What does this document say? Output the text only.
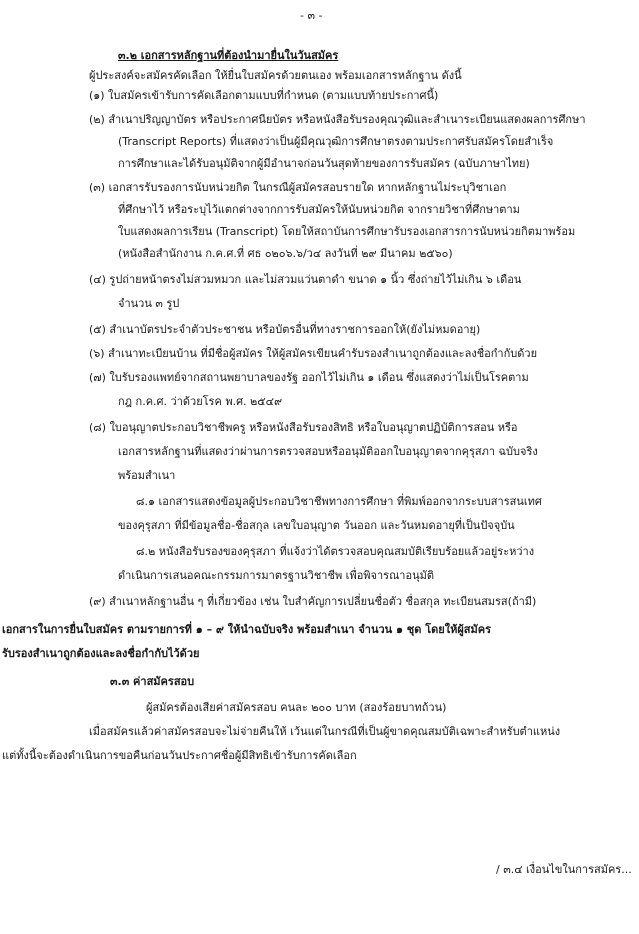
- ๓ -
๓.๒ เอกสารหลักฐานที่ต้องนำมายื่นในวันสมัคร
ผู้ประสงค์จะสมัครคัดเลือก ให้ยื่นใบสมัครด้วยตนเอง พร้อมเอกสารหลักฐาน ดังนี้
(๑) ใบสมัครเข้ารับการคัดเลือกตามแบบที่กำหนด (ตามแบบท้ายประกาศนี้)
(๒) สำเนาปริญญาบัตร หรือประกาศนียบัตร หรือหนังสือรับรองคุณวุฒิและสำเนาระเบียนแสดงผลการศึกษา
(Transcript Reports) ที่แสดงว่าเป็นผู้มีคุณวุฒิการศึกษาตรงตามประกาศรับสมัครโดยสำเร็จ
การศึกษาและได้รับอนุมัติจากผู้มีอำนาจก่อนวันสุดท้ายของการรับสมัคร (ฉบับภาษาไทย)
(๓) เอกสารรับรองการนับหน่วยกิต ในกรณีผู้สมัครสอบรายใด หากหลักฐานไม่ระบุวิชาเอก
ที่ศึกษาไว้ หรือระบุไว้แตกต่างจากการรับสมัครให้นับหน่วยกิต จากรายวิชาที่ศึกษาตาม
ใบแสดงผลการเรียน (Transcript) โดยให้สถาบันการศึกษารับรองเอกสารการนับหน่วยกิตมาพร้อม
(หนังสือสำนักงาน ก.ค.ศ.ที่ ศธ ๐๒๐๖.๖/ว๔ ลงวันที่ ๒๙ มีนาคม ๒๕๖๐)
(๔) รูปถ่ายหน้าตรงไม่สวมหมวก และไม่สวมแว่นตาดำ ขนาด ๑ นิ้ว ซึ่งถ่ายไว้ไม่เกิน ๖ เดือน
จำนวน ๓ รูป
(๕) สำเนาบัตรประจำตัวประชาชน หรือบัตรอื่นที่ทางราชการออกให้(ยังไม่หมดอายุ)
(๖) สำเนาทะเบียนบ้าน ที่มีชื่อผู้สมัคร ให้ผู้สมัครเขียนคำรับรองสำเนาถูกต้องและลงชื่อกำกับด้วย
(๗) ใบรับรองแพทย์จากสถานพยาบาลของรัฐ ออกไว้ไม่เกิน ๑ เดือน ซึ่งแสดงว่าไม่เป็นโรคตาม
กฎ ก.ค.ศ. ว่าด้วยโรค พ.ศ. ๒๕๔๙
(๘) ใบอนุญาตประกอบวิชาชีพครู หรือหนังสือรับรองสิทธิ หรือใบอนุญาตปฏิบัติการสอน หรือ
เอกสารหลักฐานที่แสดงว่าผ่านการตรวจสอบหรืออนุมัติออกใบอนุญาตจากคุรุสภา ฉบับจริง
พร้อมสำเนา
๘.๑ เอกสารแสดงข้อมูลผู้ประกอบวิชาชีพทางการศึกษา ที่พิมพ์ออกจากระบบสารสนเทศ
ของคุรุสภา ที่มีข้อมูลชื่อ-ชื่อสกุล เลขใบอนุญาต วันออก และวันหมดอายุที่เป็นปัจจุบัน
๘.๒ หนังสือรับรองของคุรุสภา ที่แจ้งว่าได้ตรวจสอบคุณสมบัติเรียบร้อยแล้วอยู่ระหว่าง
ดำเนินการเสนอคณะกรรมการมาตรฐานวิชาชีพ เพื่อพิจารณาอนุมัติ
(๙) สำเนาหลักฐานอื่น ๆ ที่เกี่ยวข้อง เช่น ใบสำคัญการเปลี่ยนชื่อตัว ชื่อสกุล ทะเบียนสมรส(ถ้ามี)
เอกสารในการยื่นใบสมัคร ตามรายการที่ ๑ – ๙ ให้นำฉบับจริง พร้อมสำเนา จำนวน ๑ ชุด โดยให้ผู้สมัคร
รับรองสำเนาถูกต้องและลงชื่อกำกับไว้ด้วย
๓.๓ ค่าสมัครสอบ
ผู้สมัครต้องเสียค่าสมัครสอบ คนละ ๒๐๐ บาท (สองร้อยบาทถ้วน)
เมื่อสมัครแล้วค่าสมัครสอบจะไม่จ่ายคืนให้ เว้นแต่ในกรณีที่เป็นผู้ขาดคุณสมบัติเฉพาะสำหรับตำแหน่ง
แต่ทั้งนี้จะต้องดำเนินการขอคืนก่อนวันประกาศชื่อผู้มีสิทธิเข้ารับการคัดเลือก
/ ๓.๔ เงื่อนไขในการสมัคร...
